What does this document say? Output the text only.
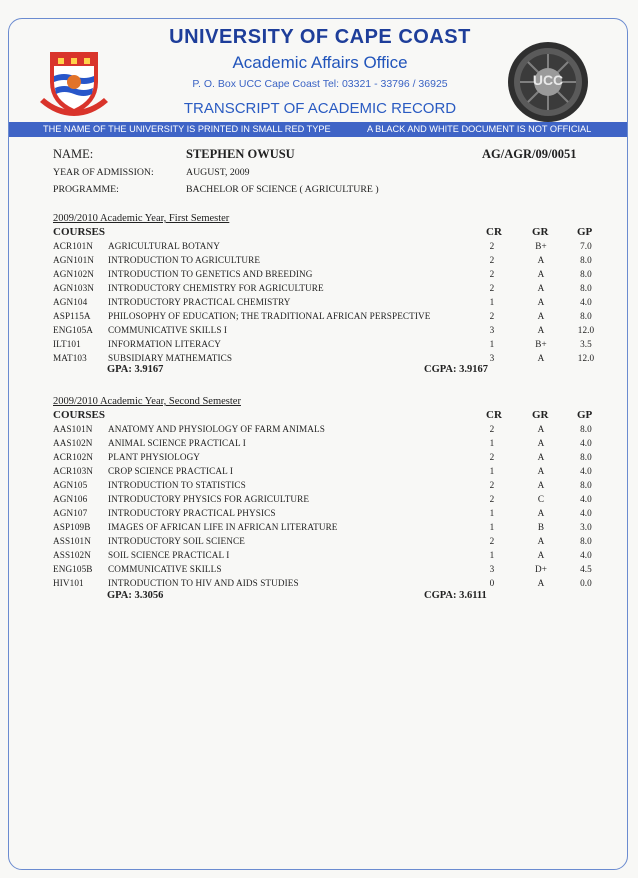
UCC
UNIVERSITY OF CAPE COAST
Academic Affairs Office
P. O. Box UCC Cape Coast Tel: 03321 - 33796 / 36925
TRANSCRIPT OF ACADEMIC RECORD
THE NAME OF THE UNIVERSITY IS PRINTED IN SMALL RED TYPE	A BLACK AND WHITE DOCUMENT IS NOT OFFICIAL
NAME:	STEPHEN OWUSU	AG/AGR/09/0051
YEAR OF ADMISSION:	AUGUST, 2009
PROGRAMME:	BACHELOR OF SCIENCE ( AGRICULTURE )
2009/2010 Academic Year, First Semester
COURSES	CR	GR	GP
ACR101N AGRICULTURAL BOTANY	2	B+	7.0
AGN101N INTRODUCTION TO AGRICULTURE	2	A	8.0
AGN102N INTRODUCTION TO GENETICS AND BREEDING	2	A	8.0
AGN103N INTRODUCTORY CHEMISTRY FOR AGRICULTURE	2	A	8.0
AGN104 INTRODUCTORY PRACTICAL CHEMISTRY	1	A	4.0
ASP115A PHILOSOPHY OF EDUCATION; THE TRADITIONAL AFRICAN PERSPECTIVE	2	A	8.0
ENG105A COMMUNICATIVE SKILLS I	3	A	12.0
ILT101	INFORMATION LITERACY	1	B+	3.5
MAT103 SUBSIDIARY MATHEMATICS	3	A	12.0
GPA: 3.9167	CGPA: 3.9167
2009/2010 Academic Year, Second Semester
COURSES	CR	GR	GP
AAS101N ANATOMY AND PHYSIOLOGY OF FARM ANIMALS	2	A	8.0
AAS102N ANIMAL SCIENCE PRACTICAL I	1	A	4.0
ACR102N PLANT PHYSIOLOGY	2	A	8.0
ACR103N CROP SCIENCE PRACTICAL I	1	A	4.0
AGN105 INTRODUCTION TO STATISTICS	2	A	8.0
AGN106 INTRODUCTORY PHYSICS FOR AGRICULTURE	2	C	4.0
AGN107 INTRODUCTORY PRACTICAL PHYSICS	1	A	4.0
ASP109B IMAGES OF AFRICAN LIFE IN AFRICAN LITERATURE	1	B	3.0
ASS101N INTRODUCTORY SOIL SCIENCE	2	A	8.0
ASS102N SOIL SCIENCE PRACTICAL I	1	A	4.0
ENG105B COMMUNICATIVE SKILLS	3	D+	4.5
HIV101	INTRODUCTION TO HIV AND AIDS STUDIES	0	A	0.0
GPA: 3.3056	CGPA: 3.6111
